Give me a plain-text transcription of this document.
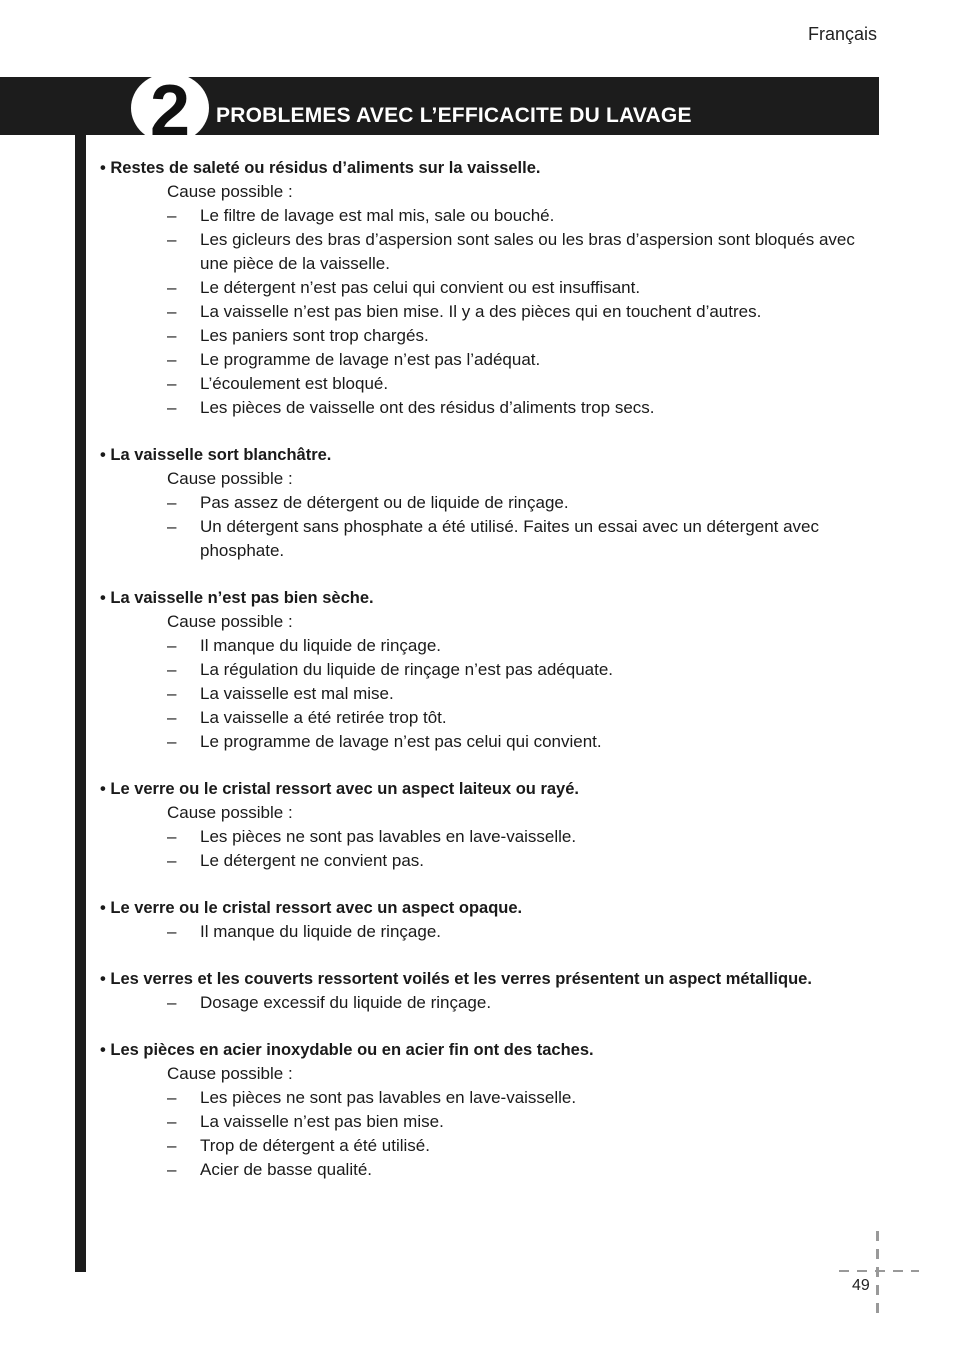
Français
2 PROBLEMES AVEC L’EFFICACITE DU LAVAGE
• Restes de saleté ou résidus d’aliments sur la vaisselle.
Cause possible :
– Le filtre de lavage est mal mis, sale ou bouché.
– Les gicleurs des bras d’aspersion sont sales ou les bras d’aspersion sont bloqués avec une pièce de la vaisselle.
– Le détergent n’est pas celui qui convient ou est insuffisant.
– La vaisselle n’est pas bien mise. Il y a des pièces qui en touchent d’autres.
– Les paniers sont trop chargés.
– Le programme de lavage n’est pas l’adéquat.
– L’écoulement est bloqué.
– Les pièces de vaisselle ont des résidus d’aliments trop secs.
• La vaisselle sort blanchâtre.
Cause possible :
– Pas assez de détergent ou de liquide de rinçage.
– Un détergent sans phosphate a été utilisé. Faites un essai avec un détergent avec phosphate.
• La vaisselle n’est pas bien sèche.
Cause possible :
– Il manque du liquide de rinçage.
– La régulation du liquide de rinçage n’est pas adéquate.
– La vaisselle est mal mise.
– La vaisselle a été retirée trop tôt.
– Le programme de lavage n’est pas celui qui convient.
• Le verre ou le cristal ressort avec un aspect laiteux ou rayé.
Cause possible :
– Les pièces ne sont pas lavables en lave-vaisselle.
– Le détergent ne convient pas.
• Le verre ou le cristal ressort avec un aspect opaque.
– Il manque du liquide de rinçage.
• Les verres et les couverts ressortent voilés et les verres présentent un aspect métallique.
– Dosage excessif du liquide de rinçage.
• Les pièces en acier inoxydable ou en acier fin ont des taches.
Cause possible :
– Les pièces ne sont pas lavables en lave-vaisselle.
– La vaisselle n’est pas bien mise.
– Trop de détergent a été utilisé.
– Acier de basse qualité.
49
